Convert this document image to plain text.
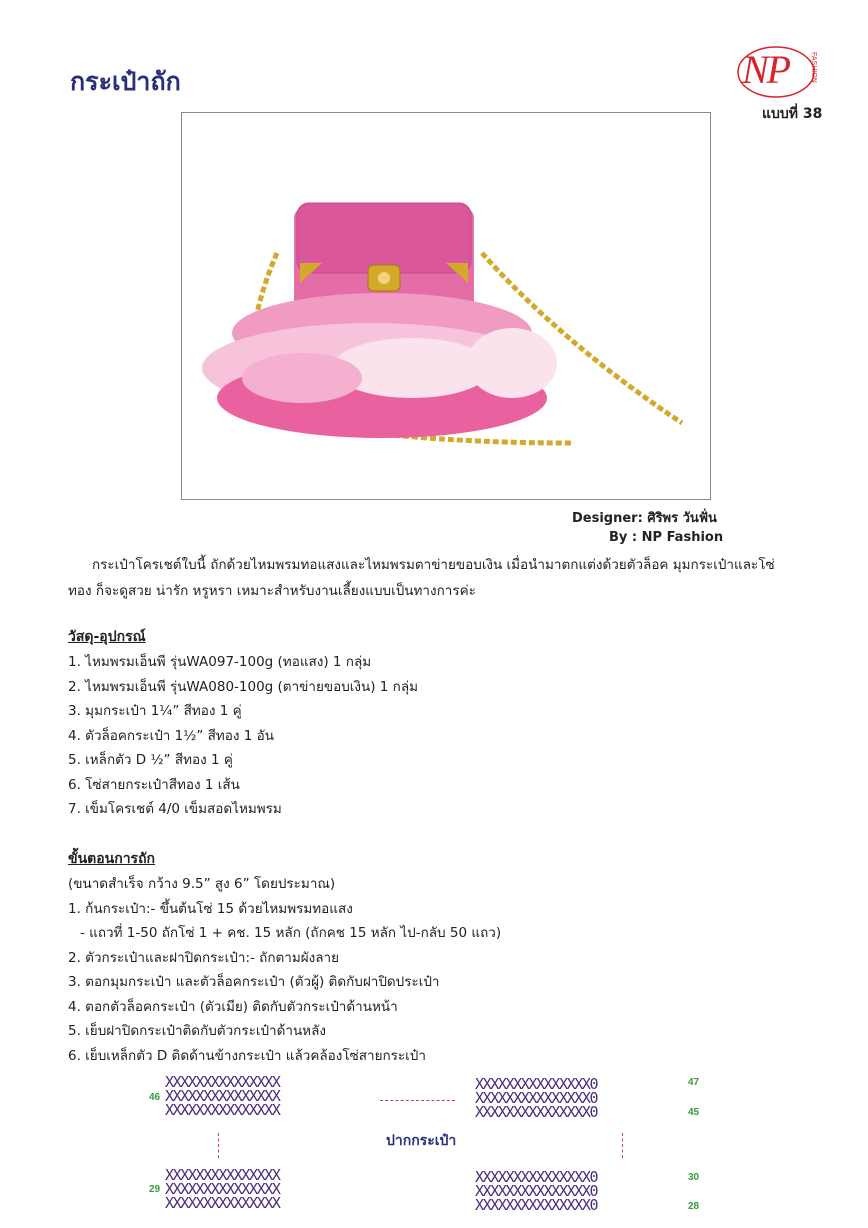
กระเป๋าถัก	NP	FASHION
แบบที่ 38
Designer: ศิริพร วันฟั่น
By : NP Fashion
กระเป๋าโครเชต์ใบนี้ ถักด้วยไหมพรมทอแสงและไหมพรมตาข่ายขอบเงิน เมื่อนำมาตกแต่งด้วยตัวล็อค มุมกระเป๋าและโซ่ทอง ก็จะดูสวย น่ารัก หรูหรา เหมาะสำหรับงานเลี้ยงแบบเป็นทางการค่ะ
วัสดุ-อุปกรณ์
1. ไหมพรมเอ็นพี รุ่นWA097-100g (ทอแสง) 1 กลุ่ม
2. ไหมพรมเอ็นพี รุ่นWA080-100g (ตาข่ายขอบเงิน) 1 กลุ่ม
3. มุมกระเป๋า 1¼” สีทอง 1 คู่
4. ตัวล็อคกระเป๋า 1½” สีทอง 1 อัน
5. เหล็กตัว D ½” สีทอง 1 คู่
6. โซ่สายกระเป๋าสีทอง 1 เส้น
7. เข็มโครเชต์ 4/0 เข็มสอดไหมพรม
ขั้นตอนการถัก
(ขนาดสำเร็จ กว้าง 9.5” สูง 6” โดยประมาณ)
1. ก้นกระเป๋า:- ขึ้นต้นโซ่ 15 ด้วยไหมพรมทอแสง
- แถวที่ 1-50 ถักโซ่ 1 + คช. 15 หลัก (ถักคช 15 หลัก ไป-กลับ 50 แถว)
2. ตัวกระเป๋าและฝาปิดกระเป๋า:- ถักตามผังลาย
3. ตอกมุมกระเป๋า และตัวล็อคกระเป๋า (ตัวผู้) ติดกับฝาปิดประเป๋า
4. ตอกตัวล็อคกระเป๋า (ตัวเมีย) ติดกับตัวกระเป๋าด้านหน้า
5. เย็บฝาปิดกระเป๋าติดกับตัวกระเป๋าด้านหลัง
6. เย็บเหล็กตัว D ติดด้านข้างกระเป๋า แล้วคล้องโซ่สายกระเป๋า
XXXXXXXXXXXXXXX
XXXXXXXXXXXXXXX
XXXXXXXXXXXXXXX
46
XXXXXXXXXXXXXXX0
XXXXXXXXXXXXXXX0
XXXXXXXXXXXXXXX0
47
45
ปากกระเป๋า
XXXXXXXXXXXXXXX
XXXXXXXXXXXXXXX
XXXXXXXXXXXXXXX
29
XXXXXXXXXXXXXXX0
XXXXXXXXXXXXXXX0
XXXXXXXXXXXXXXX0
30
28
